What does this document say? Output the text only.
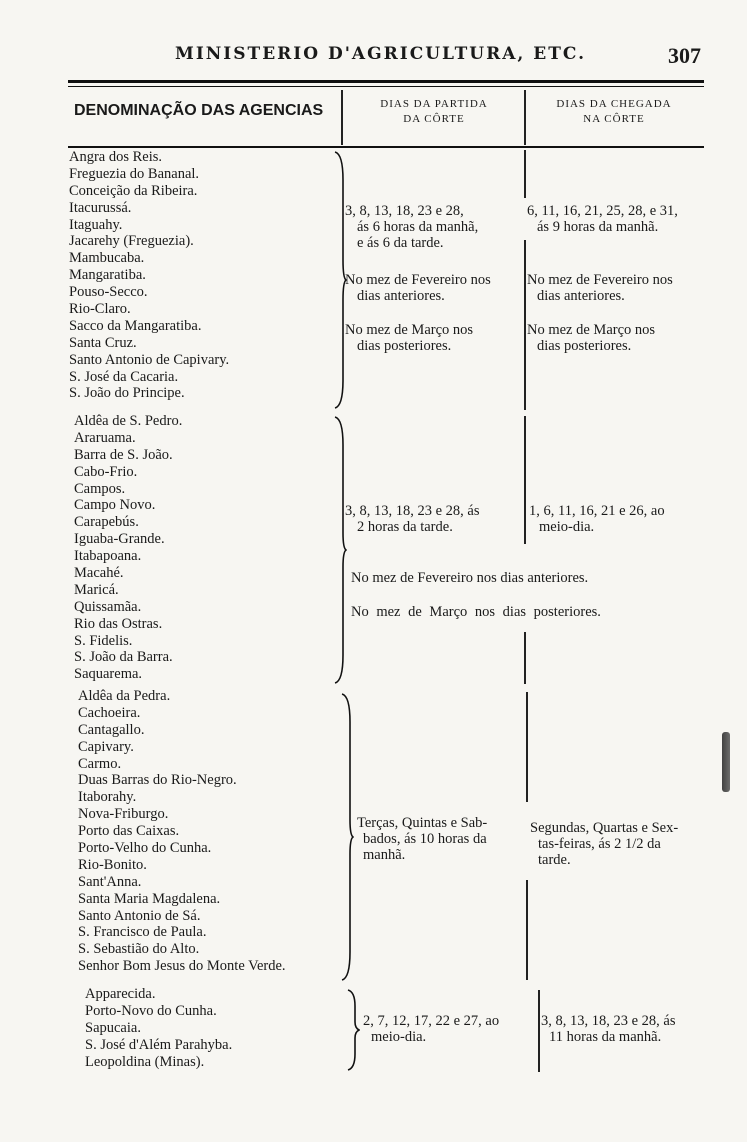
MINISTERIO D'AGRICULTURA, ETC.	307
DENOMINAÇÃO DAS AGENCIAS	DIAS DA PARTIDA
DA CÔRTE
DIAS DA CHEGADA
NA CÔRTE
Angra dos Reis.
Freguezia do Bananal.
Conceição da Ribeira.
Itacurussá.
Itaguahy.
Jacarehy (Freguezia).
Mambucaba.
Mangaratiba.
Pouso-Secco.
Rio-Claro.
Sacco da Mangaratiba.
Santa Cruz.
Santo Antonio de Capivary.
S. José da Cacaria.
S. João do Principe.
3, 8, 13, 18, 23 e 28,
ás 6 horas da manhã,
e ás 6 da tarde.
6, 11, 16, 21, 25, 28, e 31,
ás 9 horas da manhã.
No mez de Fevereiro nos
dias anteriores.
No mez de Fevereiro nos
dias anteriores.
No mez de Março nos
dias posteriores.
No mez de Março nos
dias posteriores.
Aldêa de S. Pedro.
Araruama.
Barra de S. João.
Cabo-Frio.
Campos.
Campo Novo.
Carapebús.
Iguaba-Grande.
Itabapoana.
Macahé.
Maricá.
Quissamãa.
Rio das Ostras.
S. Fidelis.
S. João da Barra.
Saquarema.
3, 8, 13, 18, 23 e 28, ás
2 horas da tarde.
1, 6, 11, 16, 21 e 26, ao
meio-dia.
No mez de Fevereiro nos dias anteriores.
No mez de Março nos dias posteriores.
Aldêa da Pedra.
Cachoeira.
Cantagallo.
Capivary.
Carmo.
Duas Barras do Rio-Negro.
Itaborahy.
Nova-Friburgo.
Porto das Caixas.
Porto-Velho do Cunha.
Rio-Bonito.
Sant'Anna.
Santa Maria Magdalena.
Santo Antonio de Sá.
S. Francisco de Paula.
S. Sebastião do Alto.
Senhor Bom Jesus do Monte Verde.
Terças, Quintas e Sab-
bados, ás 10 horas da
manhã.
Segundas, Quartas e Sex-
tas-feiras, ás 2 1/2 da
tarde.
Apparecida.
Porto-Novo do Cunha.
Sapucaia.
S. José d'Além Parahyba.
Leopoldina (Minas).
2, 7, 12, 17, 22 e 27, ao
meio-dia.
3, 8, 13, 18, 23 e 28, ás
11 horas da manhã.
